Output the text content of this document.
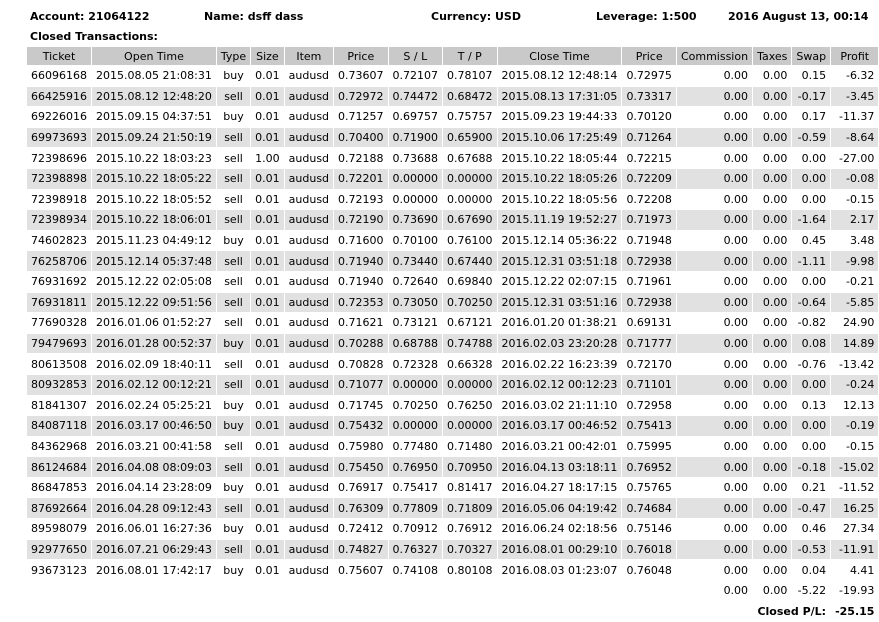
Account: 21064122	Name: dsff dass	Currency: USD	Leverage: 1:500	2016 August 13, 00:14
Closed Transactions:
Ticket	Open Time	Type	Size	Item	Price	S / L	T / P	Close Time	Price	Commission	Taxes	Swap	Profit
66096168	2015.08.05 21:08:31	buy	0.01	audusd	0.73607	0.72107	0.78107	2015.08.12 12:48:14	0.72975	0.00	0.00	0.15	-6.32
66425916	2015.08.12 12:48:20	sell	0.01	audusd	0.72972	0.74472	0.68472	2015.08.13 17:31:05	0.73317	0.00	0.00	-0.17	-3.45
69226016	2015.09.15 04:37:51	buy	0.01	audusd	0.71257	0.69757	0.75757	2015.09.23 19:44:33	0.70120	0.00	0.00	0.17	-11.37
69973693	2015.09.24 21:50:19	sell	0.01	audusd	0.70400	0.71900	0.65900	2015.10.06 17:25:49	0.71264	0.00	0.00	-0.59	-8.64
72398696	2015.10.22 18:03:23	sell	1.00	audusd	0.72188	0.73688	0.67688	2015.10.22 18:05:44	0.72215	0.00	0.00	0.00	-27.00
72398898	2015.10.22 18:05:22	sell	0.01	audusd	0.72201	0.00000	0.00000	2015.10.22 18:05:26	0.72209	0.00	0.00	0.00	-0.08
72398918	2015.10.22 18:05:52	sell	0.01	audusd	0.72193	0.00000	0.00000	2015.10.22 18:05:56	0.72208	0.00	0.00	0.00	-0.15
72398934	2015.10.22 18:06:01	sell	0.01	audusd	0.72190	0.73690	0.67690	2015.11.19 19:52:27	0.71973	0.00	0.00	-1.64	2.17
74602823	2015.11.23 04:49:12	buy	0.01	audusd	0.71600	0.70100	0.76100	2015.12.14 05:36:22	0.71948	0.00	0.00	0.45	3.48
76258706	2015.12.14 05:37:48	sell	0.01	audusd	0.71940	0.73440	0.67440	2015.12.31 03:51:18	0.72938	0.00	0.00	-1.11	-9.98
76931692	2015.12.22 02:05:08	sell	0.01	audusd	0.71940	0.72640	0.69840	2015.12.22 02:07:15	0.71961	0.00	0.00	0.00	-0.21
76931811	2015.12.22 09:51:56	sell	0.01	audusd	0.72353	0.73050	0.70250	2015.12.31 03:51:16	0.72938	0.00	0.00	-0.64	-5.85
77690328	2016.01.06 01:52:27	sell	0.01	audusd	0.71621	0.73121	0.67121	2016.01.20 01:38:21	0.69131	0.00	0.00	-0.82	24.90
79479693	2016.01.28 00:52:37	buy	0.01	audusd	0.70288	0.68788	0.74788	2016.02.03 23:20:28	0.71777	0.00	0.00	0.08	14.89
80613508	2016.02.09 18:40:11	sell	0.01	audusd	0.70828	0.72328	0.66328	2016.02.22 16:23:39	0.72170	0.00	0.00	-0.76	-13.42
80932853	2016.02.12 00:12:21	sell	0.01	audusd	0.71077	0.00000	0.00000	2016.02.12 00:12:23	0.71101	0.00	0.00	0.00	-0.24
81841307	2016.02.24 05:25:21	buy	0.01	audusd	0.71745	0.70250	0.76250	2016.03.02 21:11:10	0.72958	0.00	0.00	0.13	12.13
84087118	2016.03.17 00:46:50	buy	0.01	audusd	0.75432	0.00000	0.00000	2016.03.17 00:46:52	0.75413	0.00	0.00	0.00	-0.19
84362968	2016.03.21 00:41:58	sell	0.01	audusd	0.75980	0.77480	0.71480	2016.03.21 00:42:01	0.75995	0.00	0.00	0.00	-0.15
86124684	2016.04.08 08:09:03	sell	0.01	audusd	0.75450	0.76950	0.70950	2016.04.13 03:18:11	0.76952	0.00	0.00	-0.18	-15.02
86847853	2016.04.14 23:28:09	buy	0.01	audusd	0.76917	0.75417	0.81417	2016.04.27 18:17:15	0.75765	0.00	0.00	0.21	-11.52
87692664	2016.04.28 09:12:43	sell	0.01	audusd	0.76309	0.77809	0.71809	2016.05.06 04:19:42	0.74684	0.00	0.00	-0.47	16.25
89598079	2016.06.01 16:27:36	buy	0.01	audusd	0.72412	0.70912	0.76912	2016.06.24 02:18:56	0.75146	0.00	0.00	0.46	27.34
92977650	2016.07.21 06:29:43	sell	0.01	audusd	0.74827	0.76327	0.70327	2016.08.01 00:29:10	0.76018	0.00	0.00	-0.53	-11.91
93673123	2016.08.01 17:42:17	buy	0.01	audusd	0.75607	0.74108	0.80108	2016.08.03 01:23:07	0.76048	0.00	0.00	0.04	4.41
										0.00	0.00	-5.22	-19.93
										Closed P/L:			-25.15
